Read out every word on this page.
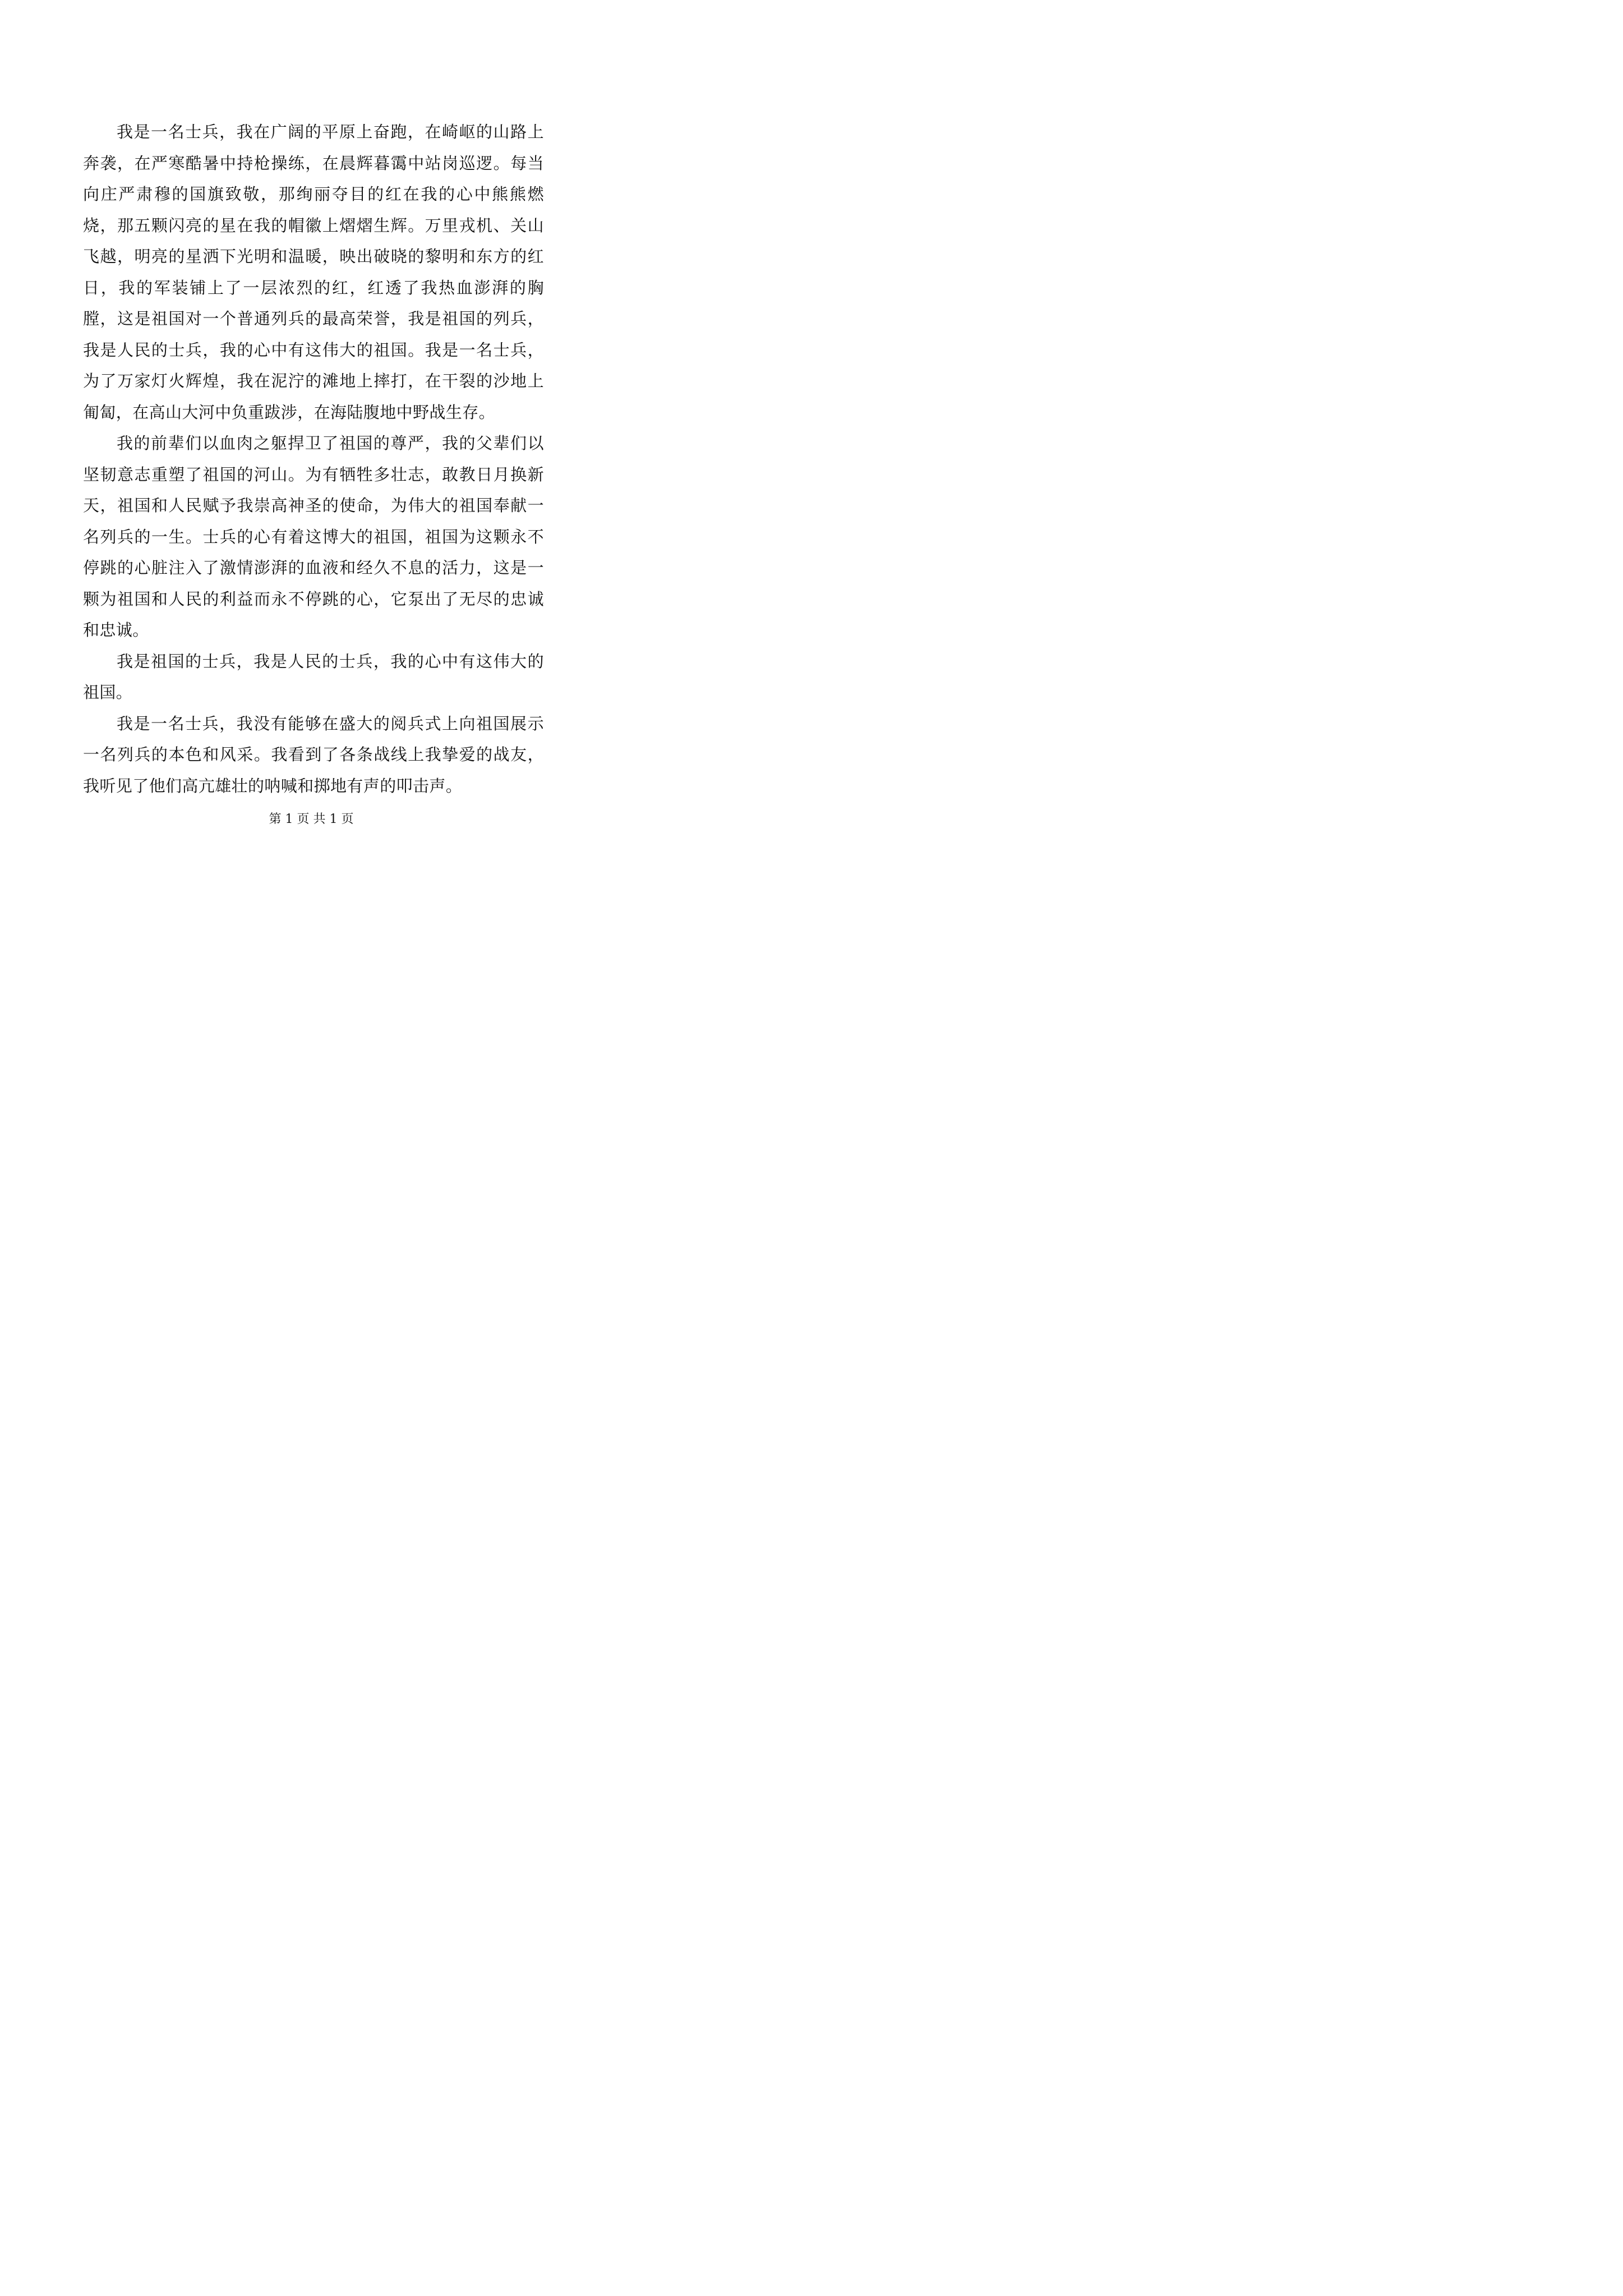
我是一名士兵，我在广阔的平原上奋跑，在崎岖的山路上奔袭，在严寒酷暑中持枪操练，在晨辉暮霭中站岗巡逻。每当向庄严肃穆的国旗致敬，那绚丽夺目的红在我的心中熊熊燃烧，那五颗闪亮的星在我的帽徽上熠熠生辉。万里戎机、关山飞越，明亮的星洒下光明和温暖，映出破晓的黎明和东方的红日，我的军装铺上了一层浓烈的红，红透了我热血澎湃的胸膛，这是祖国对一个普通列兵的最高荣誉，我是祖国的列兵，我是人民的士兵，我的心中有这伟大的祖国。我是一名士兵，为了万家灯火辉煌，我在泥泞的滩地上摔打，在干裂的沙地上匍匐，在高山大河中负重跋涉，在海陆腹地中野战生存。

我的前辈们以血肉之躯捍卫了祖国的尊严，我的父辈们以坚韧意志重塑了祖国的河山。为有牺牲多壮志，敢教日月换新天，祖国和人民赋予我崇高神圣的使命，为伟大的祖国奉献一名列兵的一生。士兵的心有着这博大的祖国，祖国为这颗永不停跳的心脏注入了激情澎湃的血液和经久不息的活力，这是一颗为祖国和人民的利益而永不停跳的心，它泵出了无尽的忠诚和忠诚。

我是祖国的士兵，我是人民的士兵，我的心中有这伟大的祖国。

我是一名士兵，我没有能够在盛大的阅兵式上向祖国展示一名列兵的本色和风采。我看到了各条战线上我挚爱的战友，我听见了他们高亢雄壮的呐喊和掷地有声的叩击声。

第 1 页 共 1 页
